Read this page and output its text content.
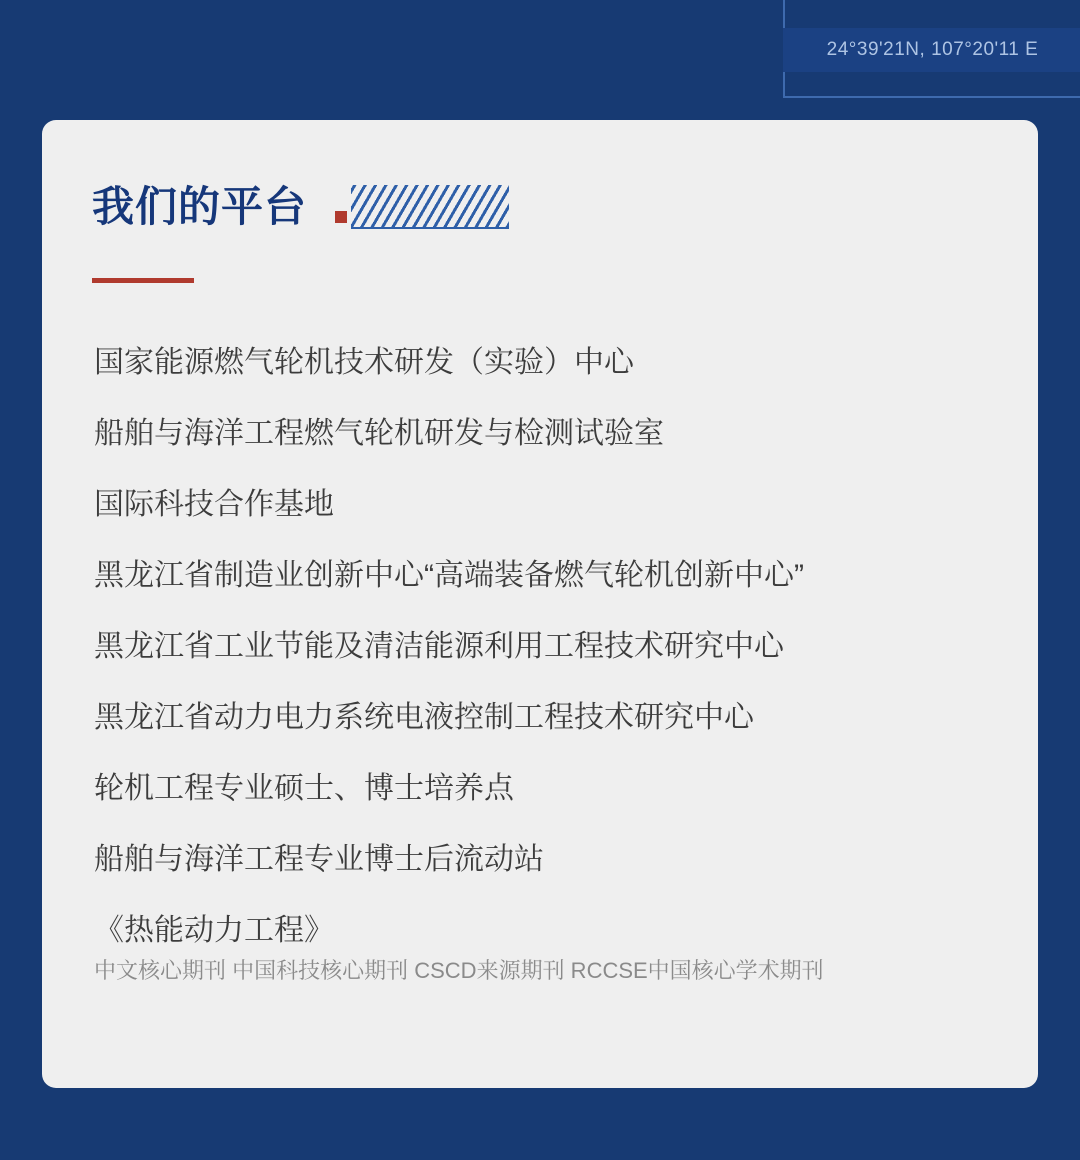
24°39'21N, 107°20'11 E
我们的平台
国家能源燃气轮机技术研发（实验）中心
船舶与海洋工程燃气轮机研发与检测试验室
国际科技合作基地
黑龙江省制造业创新中心“高端装备燃气轮机创新中心”
黑龙江省工业节能及清洁能源利用工程技术研究中心
黑龙江省动力电力系统电液控制工程技术研究中心
轮机工程专业硕士、博士培养点
船舶与海洋工程专业博士后流动站
《热能动力工程》
中文核心期刊 中国科技核心期刊 CSCD来源期刊 RCCSE中国核心学术期刊
